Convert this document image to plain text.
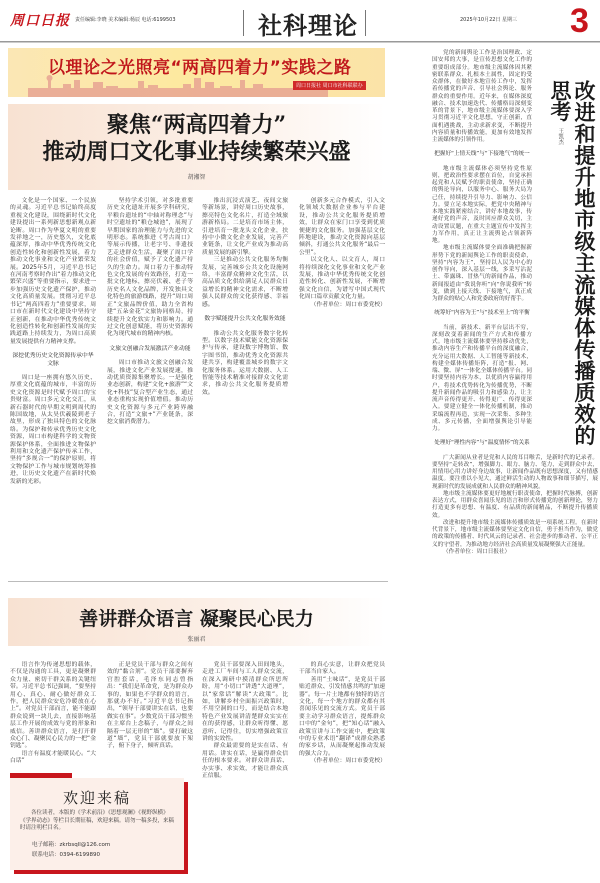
周口日报 责任编辑:李晓 美术编辑:杨辰 电话:6199503	社科理论	2025年10月22日 星期三 3
以理论之光照亮“两高四着力”实践之路
周口日报社 周口市社科联联办
聚焦“两高四着力”
推动周口文化事业持续繁荣兴盛
胡湘智

文化是一个国家、一个民族的灵魂。习近平总书记始终高度重视文化建设，围绕新时代文化建设提出一系列新思想新观点新论断。周口作为华夏文明的重要发祥地之一，历史悠久，文化底蕴深厚，推动中华优秀传统文化创造性转化和创新性发展，着力推动文化事业和文化产业繁荣发展。2025年5月，习近平总书记在河南考察时作出“着力推动文化繁荣兴盛”等重要指示，要求进一步加强历史文化遗产保护，推动文化高质量发展。贯彻习近平总书记“两高四着力”重要要求，周口市在新时代文化建设中坚持守正创新，在推动中华优秀传统文化创造性转化和创新性发展的实践道路上持续发力，为周口高质量发展提供有力精神支撑。

深挖优秀历史文化资源传承中华文脉

周口是一座拥有悠久历史、厚重文化底蕴的城市，丰富的历史文化资源是时代赋予周口的宝贵财富。周口多元文化交汇，从新石器时代的早期文明到周代的陈国故地，从太昊伏羲陵到老子故里，形成了独具特色的文化脉络。为保护和传承优秀历史文化资源，周口市构建科学的文物资源保护体系，全面推进文物保护利用和文化遗产保护传承工作，坚持“多规合一”的保护原则，将文物保护工作与城市规划统筹推进，让历史文化遗产在新时代焕发新的光彩。

坚持学术引领，对多批重要历史文化遗址开展多学科研究，平粮台遗址的“中轴对称理念”与时空遗址的“粮仓城池”，展现了早期国家的治理能力与先进的文明形态。系统推进《考古周口》等展示传播，让老字号、非遗技艺走进群众生活，凝聚了周口学的社会价值，赋予了文化遗产持久的生命力。周口着力于推动特色文化发展的有效路径，打造一批文化地标，擦亮伏羲、老子等历史名人文化品牌，开发独具文化特色的旅游线路，提升“周口周正”文旅品牌价值，助力全省构建“五朵金花”文旅协同格局，持续提升文化软实力和影响力。通过文化创意赋能，将历史资源转化为现代城市的精神内核。

文旅文创融合发展激活产业动能

周口市推动文旅文创融合发展，推进文化产业发展提速，推动优质资源集聚增长。一是强化业态创新，构建“文化+旅游”“文化+科技”复合型产业生态，通过业态重构实现价值增值。推动历史文化资源与多元产业跨界融合，打造“文旅+”产业链条，深挖文旅消费潜力。

推出沉浸式演艺、夜间文旅等新场景，讲好周口历史故事，擦亮特色文化名片，打造全域旅游新格局。二是培育市场主体，引进培育一批龙头文化企业，扶持中小微文化企业发展，完善产业链条，让文化产业成为推动高质量发展的新引擎。

三是推动公共文化服务均衡发展，完善城乡公共文化设施网络，丰富群众精神文化生活，以高品质文化供给满足人民群众日益增长的精神文化需求，不断增强人民群众的文化获得感、幸福感。

数字赋能提升公共文化服务效能

推动公共文化服务数字化转型。以数字技术赋能文化资源保护与传承，建设数字博物馆、数字图书馆，推动优秀文化资源共建共享，构建覆盖城乡的数字文化服务体系。运用大数据、人工智能等技术精准对接群众文化需求，推动公共文化服务提质增效。

创新多元合作模式，引入文化领域大数据企业参与平台建设，推动公共文化服务提质增效，让群众在家门口享受到优质便捷的文化服务。加强基层文化阵地建设，推动文化资源向基层倾斜，打通公共文化服务“最后一公里”。

以文化人、以文育人，周口将持续深化文化事业和文化产业发展，推动中华优秀传统文化创造性转化、创新性发展，不断增强文化自信，为谱写中国式现代化周口篇章贡献文化力量。

（作者单位：周口市委党校）

善讲群众语言 凝聚民心民力
张丽君

语言作为传递思想的载体，不仅是沟通的工具，更是凝聚群众力量、密切干群关系的关键纽带。习近平总书记强调，“要坚持用心、真心、耐心做好群众工作，把人民群众安危冷暖放在心上”。对党员干部而言，能不能跟群众说到一块儿去，直接影响基层工作开展的成效与党的形象和威信。善讲群众语言，是打开群众心门、凝聚民心民力的一把“金钥匙”。

语言有温度才能暖民心。“大白话”

正是党员干部与群众之间有效的“黏合剂”。党员干部要摒弃官腔套话，毛泽东同志曾指出：“我们是革命党，是为群众办事的，如果也不学群众的语言，那就办不好。”习近平总书记指出，“领导干部要讲实在话，也要做实在事”。少数党员干部习惯坐在主席台上念稿子，与群众之间隔着一层无形的“墙”。要打破这道“墙”，党员干部就要放下架子，俯下身子，倾听真话。

党员干部要深入田间地头，走进工厂车间与工人群众交流，在深入调研中摸清群众所思所盼，用“小切口”讲透“大道理”，以“家常话”解读“大政策”。比如，讲解乡村全面振兴政策时，不用空洞的口号，而是结合本地特色产业发展讲清楚群众实实在在的获得感，让群众听得懂、愿意听、记得住，切实增强政策宣讲的实效性。

群众最需要的是实在话、有用话。讲实在话，是赢得群众信任的根本要求。对群众讲真话、办实事、求实效，才能让群众真正信服。

的真心实意，让群众把党员干部当自家人。

善用“土味话”，是党员干部贴近群众、引发情感共鸣的“加速器”。每一片土地都有独特的语言文化，每一个地方的群众都有其喜闻乐见的交流方式。党员干部要主动学习群众语言，提炼群众口中的“金句”，把“知心话”融入政策宣讲与工作交流中，把政策中的专业术语“翻译”成群众熟悉的家乡话，从而凝聚起推动发展的强大合力。

（作者单位：周口市委党校）

欢迎来稿
各位读者，本版的《学术前沿》《思想观澜》《视野纵横》《学界动态》等栏目长期征稿，欢迎来稿。请勿一稿多投，来稿时请注明栏目名。
电子邮箱：zkrbsqll@126.com
联系电话：0394-6199890
改进和提升地市级主流媒体传播质效的思考
王凯杰

党的新闻舆论工作是治国理政、定国安邦的大事，是宣传思想文化工作的重要组成部分。地市级主流媒体因其紧密联系群众、扎根本土属性，固定的受众群体，在做好本地宣传工作中，发挥着传播党的声音、引导社会舆论、服务群众的重要作用。近年来，在媒体深度融合、技术加速迭代、传播格局深刻变革的背景下，地市级主流媒体要深入学习贯彻习近平文化思想，守正创新，直面机遇挑战，主动求新求变，不断提升内容质量和传播效能，更加有效地发挥主流媒体的引领作用。

把握好“上情天线”与“下接地气”的统一

地市级主流媒体必须坚持党性原则，把政治性要求摆在首位，自觉承担起党和人民赋予的职责使命，坚持正确的舆论导向，以服务中心、服务大局为己任，持续提升引导力、影响力、公信力。要立足本地实际，把党中央精神与本地实践紧密结合，讲好本地故事，传递好党的声音，及时回应群众关切，主动设置议题，在重大主题宣传中发挥主力军作用，真正让主流舆论占领新阵地。

地市级主流媒体要全面准确把握新形势下党的新闻舆论工作的职责使命，坚持“内容为王”，坚持以人民为中心的创作导向，深入基层一线，多采写沾泥土、带露珠、冒热气的新闻作品，推动新闻报道由“我说你听”向“你说我听”转变，做到上接天线、下接地气，真正成为群众的贴心人和党委政府的好帮手。

统筹好“内容为王”与“技术至上”的平衡

当前，新技术、新平台层出不穷，深刻改变着新闻的生产方式和传播方式。地市级主流媒体要坚持移动优先，推动内容生产和传播平台的深度融合，充分运用大数据、人工智能等新技术，构建全媒体传播矩阵，打造“报、网、端、微、屏”一体化全媒体传播平台。同时要坚持内容为本，以优质内容赢得用户，将技术优势转化为传播优势，不断提升新闻作品的吸引力和感染力，让主流声音传得更开、传得更广、传得更深入。要建立健全一体化传播机制，推动采编流程再造，实现一次采集、多种生成、多元传播，全面增强舆论引导能力。

处理好“理性内容”与“温度情怀”的关系

广大新闻从业者是党和人民的耳目喉舌，是新时代的记录者。要坚持“走转改”，增强脚力、眼力、脑力、笔力，走到群众中去，用情用心用力讲好身边故事，让新闻作品既有思想深度，又有情感温度。要注重以小见大，通过鲜活生动的人物故事和细节描写，展现新时代的发展成就和人民群众的精神风貌。

地市级主流媒体要更好地履行职责使命，把握时代脉搏，创新表达方式，用群众喜闻乐见的语言和形式传播党的创新理论，努力打造更多有思想、有温度、有品质的新闻精品，不断提升传播质效。

改进和提升地市级主流媒体传播质效是一项系统工程。在新时代背景下，地市级主流媒体要坚定文化自信，勇于担当作为，做党的政策的传播者、时代风云的记录者、社会进步的推动者、公平正义的守望者，为推动地方经济社会高质量发展凝聚强大正能量。

（作者单位：周口日报社）
